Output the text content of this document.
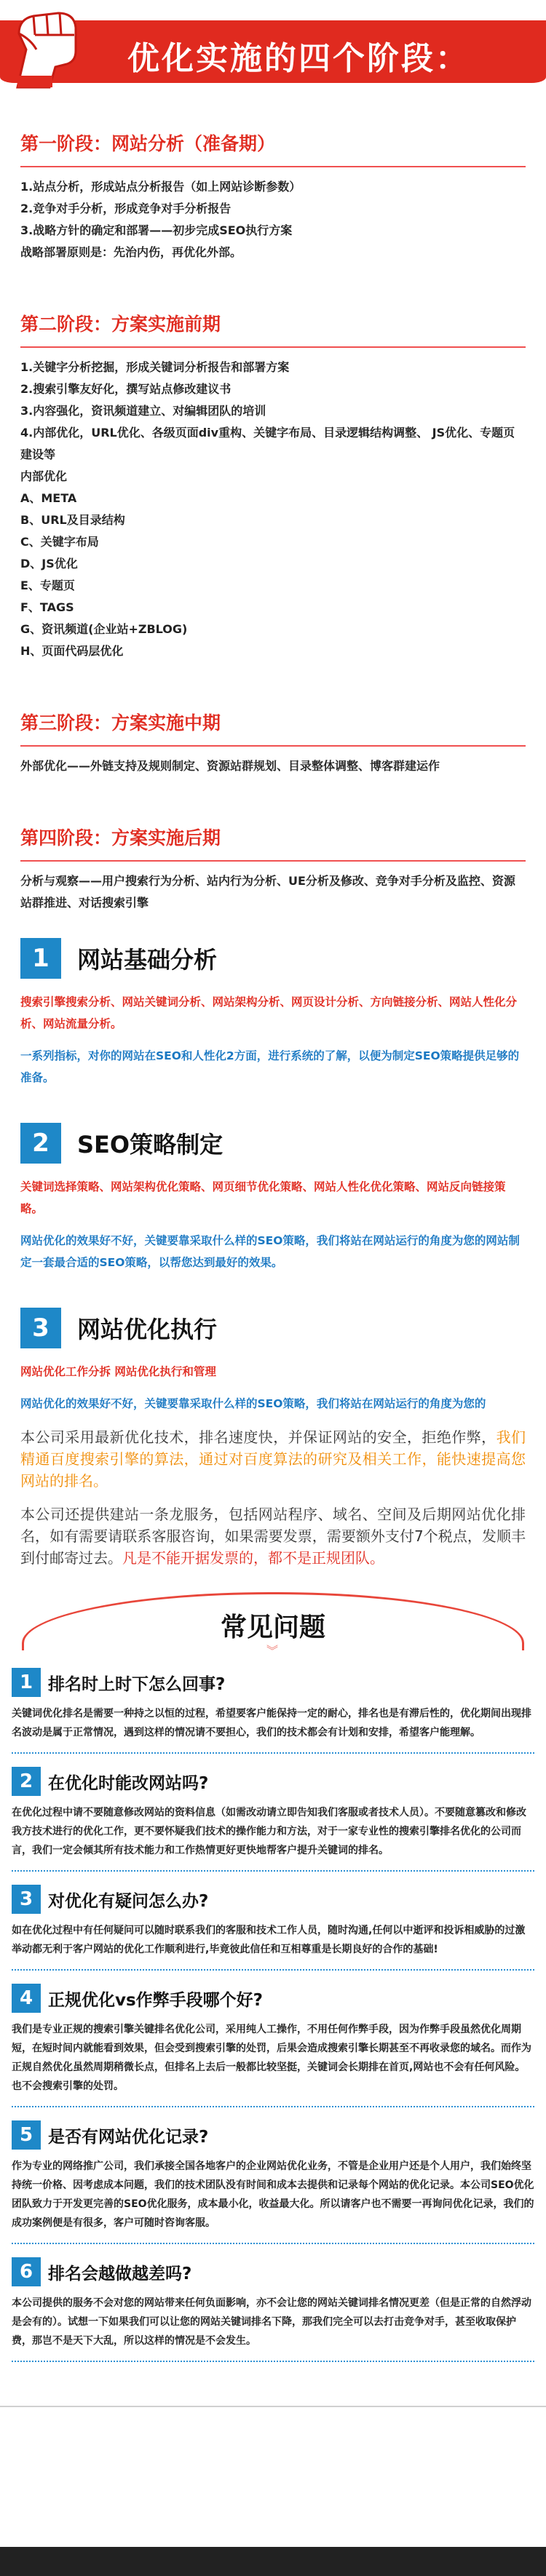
优化实施的四个阶段：
第一阶段：网站分析（准备期）

1.站点分析，形成站点分析报告（如上网站诊断参数）

2.竞争对手分析，形成竞争对手分析报告

3.战略方针的确定和部署——初步完成SEO执行方案

战略部署原则是：先治内伤，再优化外部。

第二阶段：方案实施前期

1.关键字分析挖掘，形成关键词分析报告和部署方案

2.搜索引擎友好化，撰写站点修改建议书

3.内容强化，资讯频道建立、对编辑团队的培训

4.内部优化，URL优化、各级页面div重构、关键字布局、目录逻辑结构调整、 JS优化、专题页建设等

内部优化

A、META

B、URL及目录结构

C、关键字布局

D、JS优化

E、专题页

F、TAGS

G、资讯频道(企业站+ZBLOG)

H、页面代码层优化

第三阶段：方案实施中期

外部优化——外链支持及规则制定、资源站群规划、目录整体调整、博客群建运作

第四阶段：方案实施后期

分析与观察——用户搜索行为分析、站内行为分析、UE分析及修改、竞争对手分析及监控、资源站群推进、对话搜索引擎

1	网站基础分析

搜索引擎搜索分析、网站关键词分析、网站架构分析、网页设计分析、方向链接分析、网站人性化分析、网站流量分析。

一系列指标，对你的网站在SEO和人性化2方面，进行系统的了解，以便为制定SEO策略提供足够的准备。

2	SEO策略制定

关键词选择策略、网站架构优化策略、网页细节优化策略、网站人性化优化策略、网站反向链接策略。

网站优化的效果好不好，关键要靠采取什么样的SEO策略，我们将站在网站运行的角度为您的网站制定一套最合适的SEO策略，以帮您达到最好的效果。

3	网站优化执行

网站优化工作分拆 网站优化执行和管理

网站优化的效果好不好，关键要靠采取什么样的SEO策略，我们将站在网站运行的角度为您的

本公司采用最新优化技术，排名速度快，并保证网站的安全，拒绝作弊，我们精通百度搜索引擎的算法，通过对百度算法的研究及相关工作，能快速提高您网站的排名。

本公司还提供建站一条龙服务，包括网站程序、域名、空间及后期网站优化排名，如有需要请联系客服咨询，如果需要发票，需要额外支付7个税点，发顺丰到付邮寄过去。凡是不能开据发票的，都不是正规团队。

常见问题
︾
1 排名时上时下怎么回事?

关键词优化排名是需要一种持之以恒的过程，希望要客户能保持一定的耐心，排名也是有滞后性的，优化期间出现排名波动是属于正常情况，遇到这样的情况请不要担心，我们的技术都会有计划和安排，希望客户能理解。

2 在优化时能改网站吗?

在优化过程中请不要随意修改网站的资料信息（如需改动请立即告知我们客服或者技术人员）。不要随意篡改和修改我方技术进行的优化工作，更不要怀疑我们技术的操作能力和方法，对于一家专业性的搜索引擎排名优化的公司而言，我们一定会倾其所有技术能力和工作热情更好更快地帮客户提升关键词的排名。

3 对优化有疑问怎么办?

如在优化过程中有任何疑问可以随时联系我们的客服和技术工作人员，随时沟通,任何以中逝评和投诉相威胁的过激举动都无利于客户网站的优化工作顺利进行,毕竟彼此信任和互相尊重是长期良好的合作的基础!

4 正规优化vs作弊手段哪个好?

我们是专业正规的搜索引擎关键排名优化公司，采用纯人工操作，不用任何作弊手段，因为作弊手段虽然优化周期短，在短时间内就能看到效果，但会受到搜索引擎的处罚，后果会造成搜索引擎长期甚至不再收录您的域名。而作为正规自然优化虽然周期稍微长点，但排名上去后一般都比较坚挺，关键词会长期排在首页,网站也不会有任何风险。也不会搜索引擎的处罚。

5 是否有网站优化记录?

作为专业的网络推广公司，我们承接全国各地客户的企业网站优化业务，不管是企业用户还是个人用户，我们始终坚持统一价格、因考虑成本问题，我们的技术团队没有时间和成本去提供和记录每个网站的优化记录。本公司SEO优化团队致力于开发更完善的SEO优化服务，成本最小化，收益最大化。所以请客户也不需要一再询问优化记录，我们的成功案例便是有很多，客户可随时咨询客服。

6 排名会越做越差吗?

本公司提供的服务不会对您的网站带来任何负面影响，亦不会让您的网站关键词排名情况更差（但是正常的自然浮动是会有的）。试想一下如果我们可以让您的网站关键词排名下降，那我们完全可以去打击竞争对手，甚至收取保护费，那岂不是天下大乱，所以这样的情况是不会发生。
